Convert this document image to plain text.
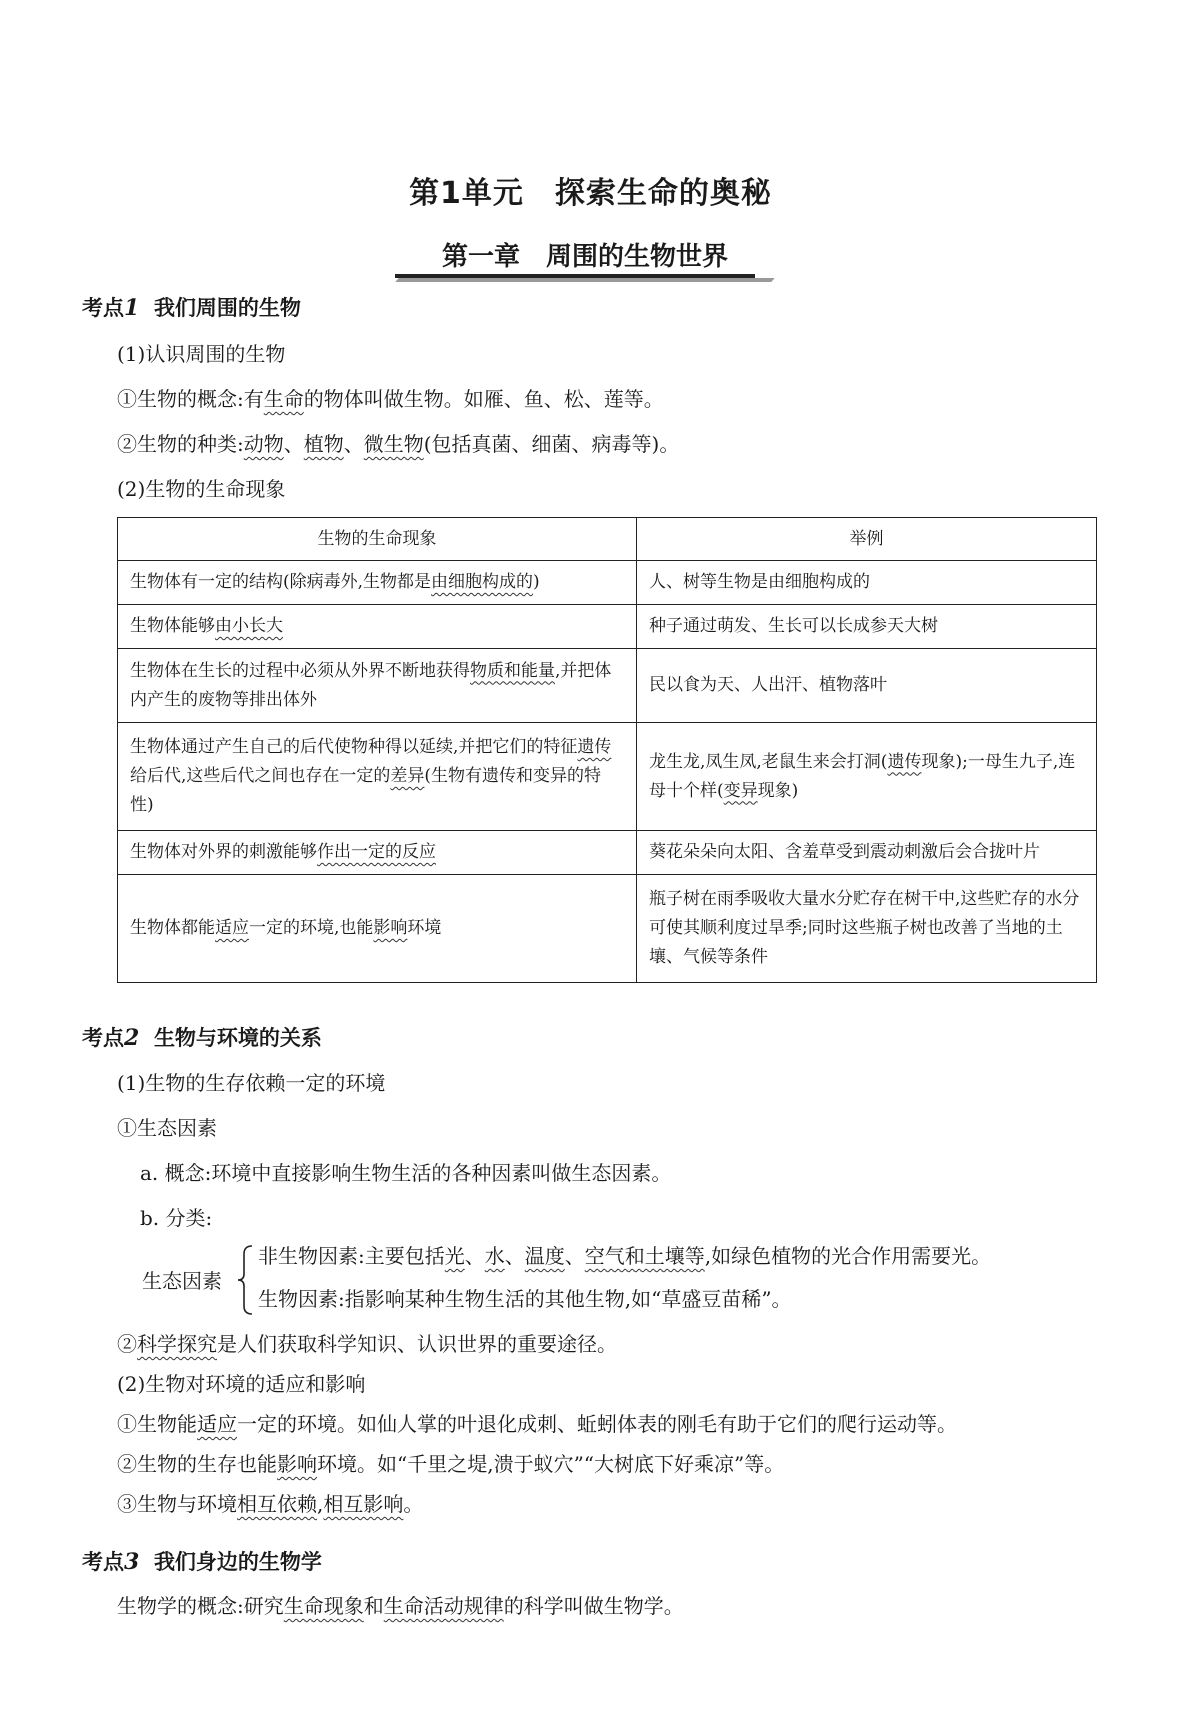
第1单元　探索生命的奥秘
第一章　周围的生物世界
考点1 我们周围的生物
(1)认识周围的生物
①生物的概念:有生命的物体叫做生物。如雁、鱼、松、莲等。
②生物的种类:动物、植物、微生物(包括真菌、细菌、病毒等)。
(2)生物的生命现象
生物的生命现象	举例
生物体有一定的结构(除病毒外,生物都是由细胞构成的)	人、树等生物是由细胞构成的
生物体能够由小长大	种子通过萌发、生长可以长成参天大树
生物体在生长的过程中必须从外界不断地获得物质和能量,并把体内产生的废物等排出体外	民以食为天、人出汗、植物落叶
生物体通过产生自己的后代使物种得以延续,并把它们的特征遗传给后代,这些后代之间也存在一定的差异(生物有遗传和变异的特性)	龙生龙,凤生凤,老鼠生来会打洞(遗传现象);一母生九子,连母十个样(变异现象)
生物体对外界的刺激能够作出一定的反应	葵花朵朵向太阳、含羞草受到震动刺激后会合拢叶片
生物体都能适应一定的环境,也能影响环境	瓶子树在雨季吸收大量水分贮存在树干中,这些贮存的水分可使其顺利度过旱季;同时这些瓶子树也改善了当地的土壤、气候等条件
考点2 生物与环境的关系
(1)生物的生存依赖一定的环境
①生态因素
a. 概念:环境中直接影响生物生活的各种因素叫做生态因素。
b. 分类:
生态因素
非生物因素:主要包括光、水、温度、空气和土壤等,如绿色植物的光合作用需要光。
生物因素:指影响某种生物生活的其他生物,如“草盛豆苗稀”。
②科学探究是人们获取科学知识、认识世界的重要途径。
(2)生物对环境的适应和影响
①生物能适应一定的环境。如仙人掌的叶退化成刺、蚯蚓体表的刚毛有助于它们的爬行运动等。
②生物的生存也能影响环境。如“千里之堤,溃于蚁穴”“大树底下好乘凉”等。
③生物与环境相互依赖,相互影响。
考点3 我们身边的生物学
生物学的概念:研究生命现象和生命活动规律的科学叫做生物学。
